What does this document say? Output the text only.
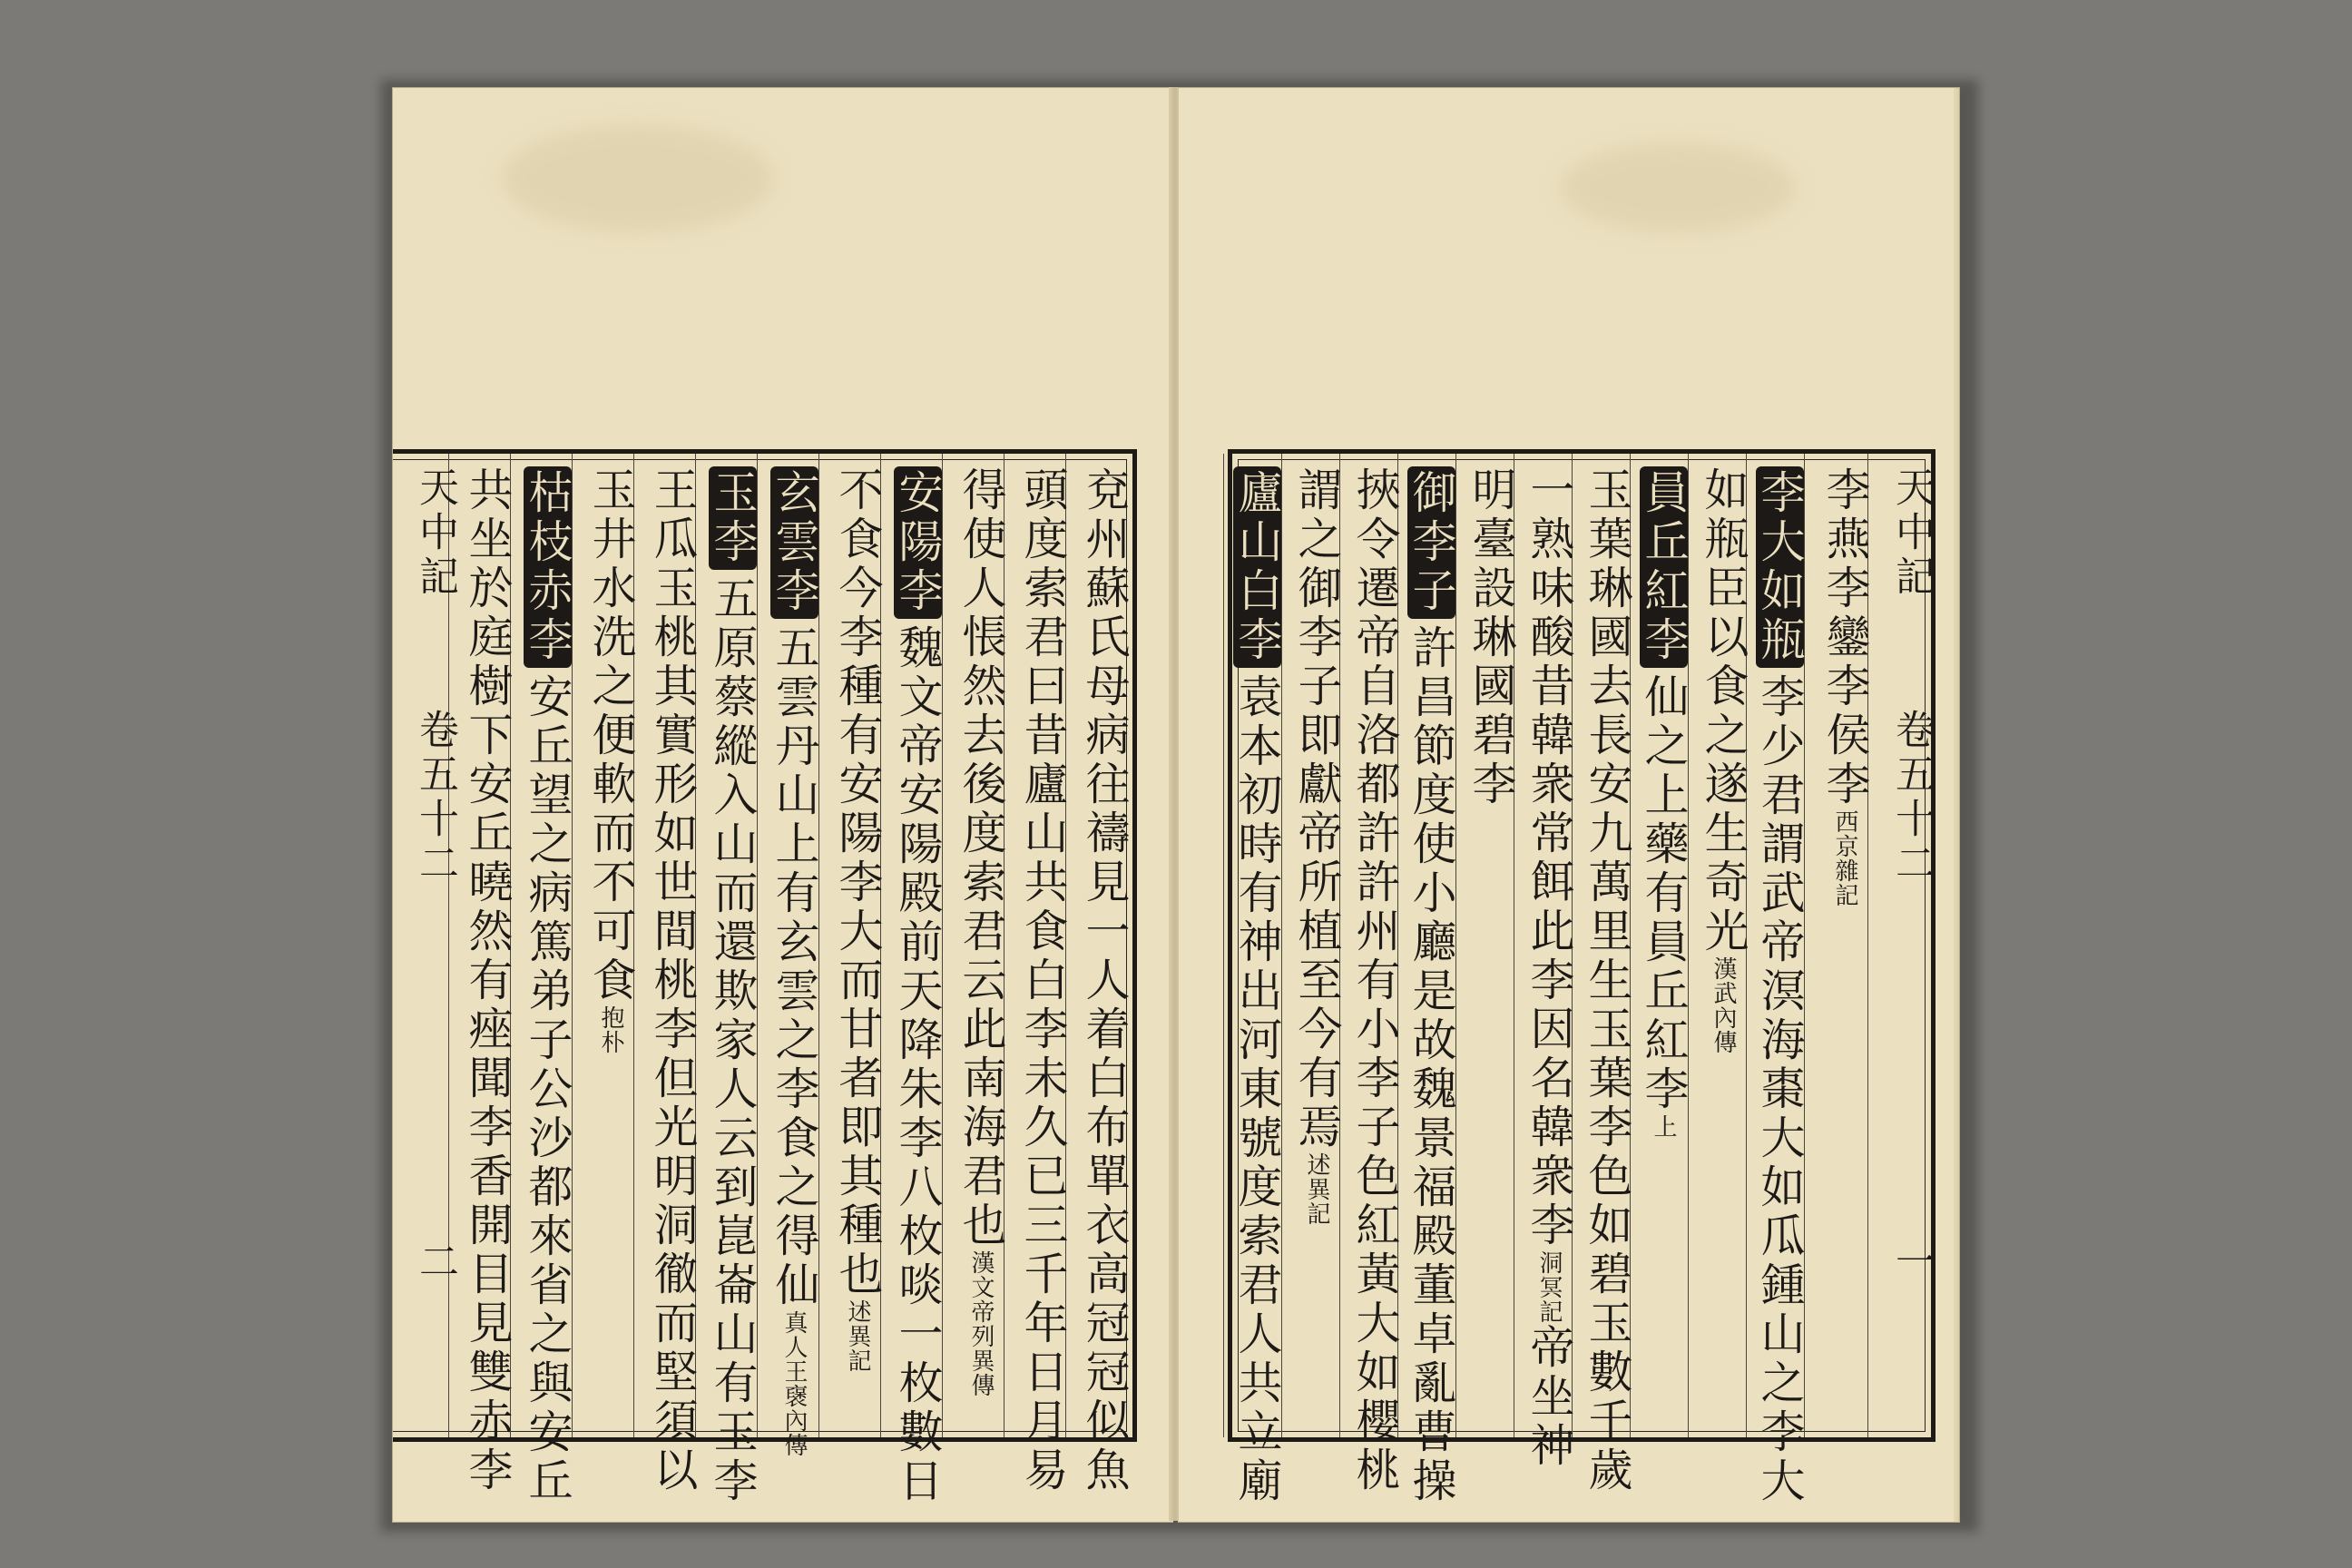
兗州蘇氏母病往禱見一人着白布單衣高冠冠似魚
頭度索君曰昔廬山共食白李未久已三千年日月易
得使人悵然去後度索君云此南海君也漢文帝列異傳
安陽李魏文帝安陽殿前天降朱李八枚啖一枚數日
不食今李種有安陽李大而甘者即其種也述異記
玄雲李五雲丹山上有玄雲之李食之得仙真人王襃內傳
玉李五原蔡縱入山而還欺家人云到崑崙山有玉李
王瓜玉桃其實形如世間桃李但光明洞徹而堅須以
玉井水洗之便軟而不可食抱朴
枯枝赤李安丘望之病篤弟子公沙都來省之與安丘
共坐於庭樹下安丘曉然有痤聞李香開目見雙赤李
天中記卷五十二二
天中記卷五十二一
李燕李鑾李侯李西京雜記
李大如瓶李少君謂武帝溟海棗大如瓜鍾山之李大
如瓶臣以食之遂生奇光漢武內傳
員丘紅李仙之上藥有員丘紅李上
玉葉琳國去長安九萬里生玉葉李色如碧玉數千歲
一熟味酸昔韓衆常餌此李因名韓衆李洞冥記帝坐神
明臺設琳國碧李
御李子許昌節度使小廳是故魏景福殿董卓亂曹操
挾令遷帝自洛都許許州有小李子色紅黃大如櫻桃
謂之御李子即獻帝所植至今有焉述異記
廬山白李袁本初時有神出河東號度索君人共立廟
